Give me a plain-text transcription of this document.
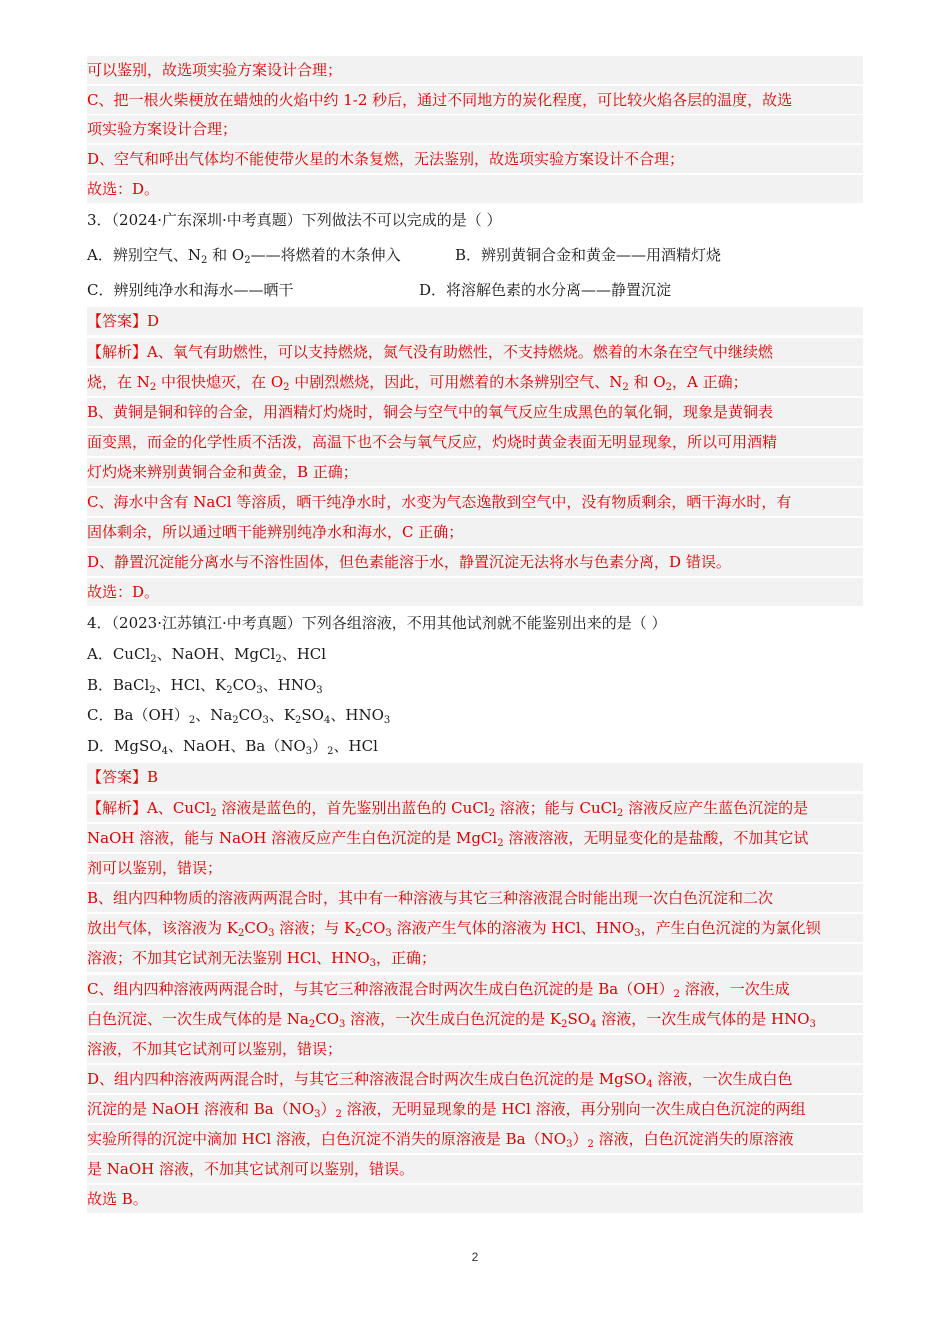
可以鉴别，故选项实验方案设计合理；
C、把一根火柴梗放在蜡烛的火焰中约 1-2 秒后，通过不同地方的炭化程度，可比较火焰各层的温度，故选
项实验方案设计合理；
D、空气和呼出气体均不能使带火星的木条复燃，无法鉴别，故选项实验方案设计不合理；
故选：D。
3．（2024·广东深圳·中考真题）下列做法不可以完成的是（ ）
A．辨别空气、$N_2$ 和 $O_2——$将燃着的木条伸入	B．辨别黄铜合金和黄金——用酒精灯烧
C．辨别纯净水和海水——晒干	D．将溶解色素的水分离——静置沉淀
【答案】D
【解析】A、氧气有助燃性，可以支持燃烧，氮气没有助燃性，不支持燃烧。燃着的木条在空气中继续燃
烧，在 $N_2$ 中很快熄灭，在 $O_2$ 中剧烈燃烧，因此，可用燃着的木条辨别空气、$N_2$ 和 $O_2$，A 正确；
B、黄铜是铜和锌的合金，用酒精灯灼烧时，铜会与空气中的氧气反应生成黑色的氧化铜，现象是黄铜表
面变黑，而金的化学性质不活泼，高温下也不会与氧气反应，灼烧时黄金表面无明显现象，所以可用酒精
灯灼烧来辨别黄铜合金和黄金，B 正确；
C、海水中含有 NaCl 等溶质，晒干纯净水时，水变为气态逸散到空气中，没有物质剩余，晒干海水时，有
固体剩余，所以通过晒干能辨别纯净水和海水，C 正确；
D、静置沉淀能分离水与不溶性固体，但色素能溶于水，静置沉淀无法将水与色素分离，D 错误。
故选：D。
4．（2023·江苏镇江·中考真题）下列各组溶液，不用其他试剂就不能鉴别出来的是（ ）
A．CuCl$_2$、NaOH、MgCl$_2$、HCl
B．BaCl$_2$、HCl、$K_2CO_3$、$HNO_3$
C．$Ba(OH)_2$、$Na_2CO_3$、$K_2SO_4$、$HNO_3$
D．MgSO$_4$、NaOH、$Ba(NO_3)_2$、HCl
【答案】B
【解析】A、CuCl$_2$ 溶液是蓝色的，首先鉴别出蓝色的 CuCl$_2$ 溶液；能与 CuCl$_2$ 溶液反应产生蓝色沉淀的是
NaOH 溶液，能与 NaOH 溶液反应产生白色沉淀的是 MgCl$_2$ 溶液溶液，无明显变化的是盐酸，不加其它试
剂可以鉴别，错误；
B、组内四种物质的溶液两两混合时，其中有一种溶液与其它三种溶液混合时能出现一次白色沉淀和二次
放出气体，该溶液为 $K_2CO_3$ 溶液；与 $K_2CO_3$ 溶液产生气体的溶液为 HCl、$HNO_3$，产生白色沉淀的为氯化钡
溶液；不加其它试剂无法鉴别 HCl、$HNO_3$，正确；
C、组内四种溶液两两混合时，与其它三种溶液混合时两次生成白色沉淀的是 $Ba(OH)_2$ 溶液，一次生成
白色沉淀、一次生成气体的是 $Na_2CO_3$ 溶液，一次生成白色沉淀的是 $K_2SO_4$ 溶液，一次生成气体的是 $HNO_3$
溶液，不加其它试剂可以鉴别，错误；
D、组内四种溶液两两混合时，与其它三种溶液混合时两次生成白色沉淀的是 MgSO$_4$ 溶液，一次生成白色
沉淀的是 NaOH 溶液和 $Ba(NO_3)_2$ 溶液，无明显现象的是 HCl 溶液，再分别向一次生成白色沉淀的两组
实验所得的沉淀中滴加 HCl 溶液，白色沉淀不消失的原溶液是 $Ba(NO_3)_2$ 溶液，白色沉淀消失的原溶液
是 NaOH 溶液，不加其它试剂可以鉴别，错误。
故选 B。
2
